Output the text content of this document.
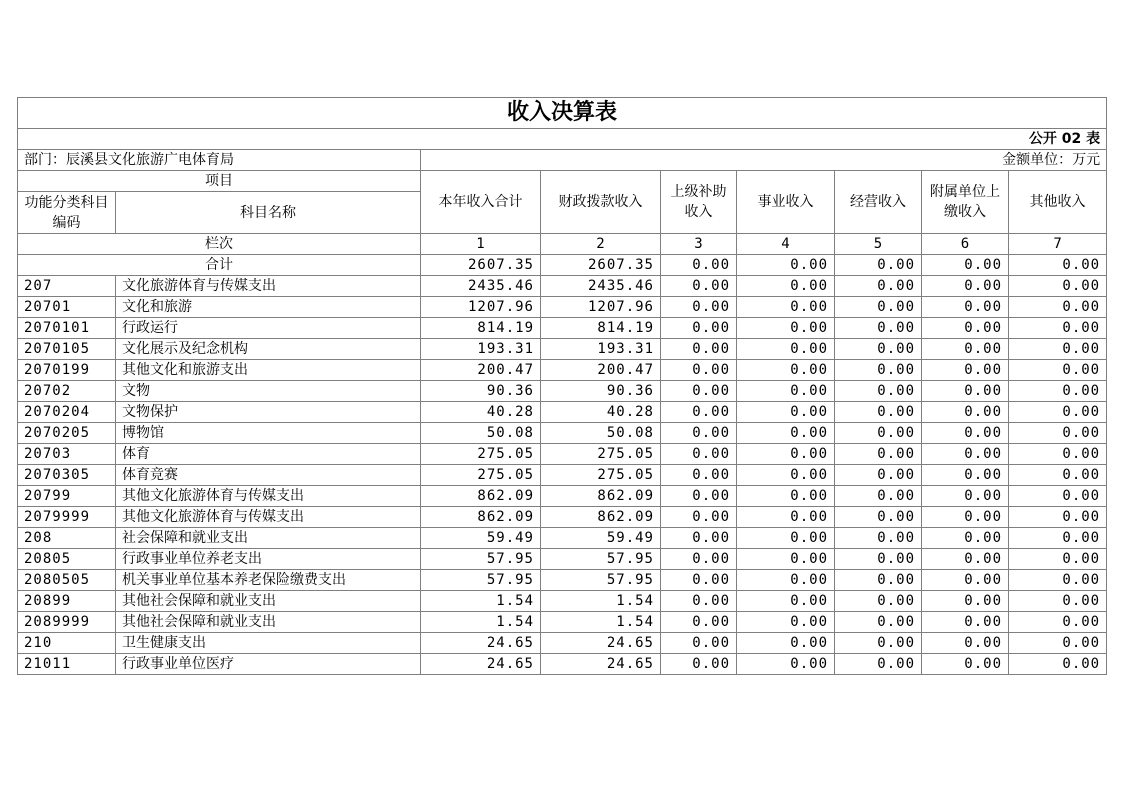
收入决算表								
公开 02 表								
部门：辰溪县文化旅游广电体育局		金额单位：万元						
项目		本年收入合计	财政拨款收入	上级补助收入	事业收入	经营收入	附属单位上缴收入	其他收入
功能分类科目编码	科目名称							
栏次		1	2	3	4	5	6	7
合计		2607.35	2607.35	0.00	0.00	0.00	0.00	0.00
207	文化旅游体育与传媒支出	2435.46	2435.46	0.00	0.00	0.00	0.00	0.00
20701	文化和旅游	1207.96	1207.96	0.00	0.00	0.00	0.00	0.00
2070101	行政运行	814.19	814.19	0.00	0.00	0.00	0.00	0.00
2070105	文化展示及纪念机构	193.31	193.31	0.00	0.00	0.00	0.00	0.00
2070199	其他文化和旅游支出	200.47	200.47	0.00	0.00	0.00	0.00	0.00
20702	文物	90.36	90.36	0.00	0.00	0.00	0.00	0.00
2070204	文物保护	40.28	40.28	0.00	0.00	0.00	0.00	0.00
2070205	博物馆	50.08	50.08	0.00	0.00	0.00	0.00	0.00
20703	体育	275.05	275.05	0.00	0.00	0.00	0.00	0.00
2070305	体育竞赛	275.05	275.05	0.00	0.00	0.00	0.00	0.00
20799	其他文化旅游体育与传媒支出	862.09	862.09	0.00	0.00	0.00	0.00	0.00
2079999	其他文化旅游体育与传媒支出	862.09	862.09	0.00	0.00	0.00	0.00	0.00
208	社会保障和就业支出	59.49	59.49	0.00	0.00	0.00	0.00	0.00
20805	行政事业单位养老支出	57.95	57.95	0.00	0.00	0.00	0.00	0.00
2080505	机关事业单位基本养老保险缴费支出	57.95	57.95	0.00	0.00	0.00	0.00	0.00
20899	其他社会保障和就业支出	1.54	1.54	0.00	0.00	0.00	0.00	0.00
2089999	其他社会保障和就业支出	1.54	1.54	0.00	0.00	0.00	0.00	0.00
210	卫生健康支出	24.65	24.65	0.00	0.00	0.00	0.00	0.00
21011	行政事业单位医疗	24.65	24.65	0.00	0.00	0.00	0.00	0.00
